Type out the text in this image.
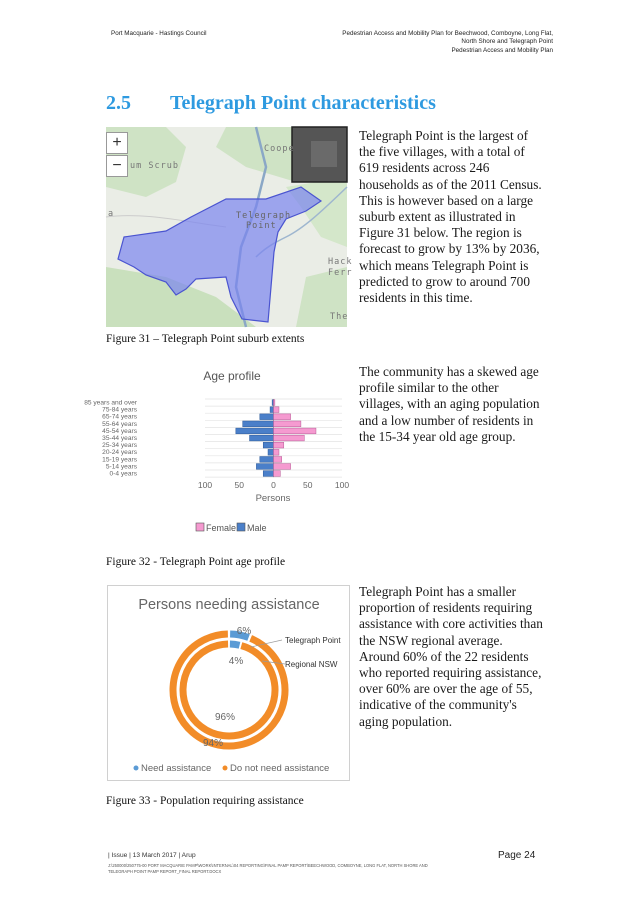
Port Macquarie - Hastings Council	Pedestrian Access and Mobility Plan for Beechwood, Comboyne, Long Flat,
North Shore and Telegraph Point
Pedestrian Access and Mobility Plan
2.5 Telegraph Point characteristics
+
− um Scrub
Coope
a	Telegraph
Point
Hack
Ferr
The
Telegraph Point is the largest of
the five villages, with a total of
619 residents across 246
households as of the 2011 Census.
This is however based on a large
suburb extent as illustrated in
Figure 31 below. The region is
forecast to grow by 13% by 2036,
which means Telegraph Point is
predicted to grow to around 700
residents in this time.
Figure 31 – Telegraph Point suburb extents
Age profile
85 years and over
75-84 years
65-74 years
55-64 years
45-54 years
35-44 years
25-34 years
20-24 years
15-19 years
5-14 years
0-4 years
100	50	0	50	100
Persons
Female Male
The community has a skewed age
profile similar to the other
villages, with an aging population
and a low number of residents in
the 15-34 year old age group.
Figure 32 - Telegraph Point age profile
Persons needing assistance
6%
4%
96%
94%
Telegraph Point
Regional NSW
Need assistance Do not need assistance
Telegraph Point has a smaller
proportion of residents requiring
assistance with core activities than
the NSW regional average.
Around 60% of the 22 residents
who reported requiring assistance,
over 60% are over the age of 55,
indicative of the community's
aging population.
Figure 33 - Population requiring assistance
| Issue | 13 March 2017 | Arup	Page 24
J:\250000\250775-00 PORT MACQUARIE PAMP\WORK\INTERNAL\04 REPORTING\FINAL PAMP REPORT\BEECHWOOD, COMBOYNE, LONG FLAT, NORTH SHORE AND
TELEGRAPH POINT PAMP REPORT_FINAL REPORT.DOCX
